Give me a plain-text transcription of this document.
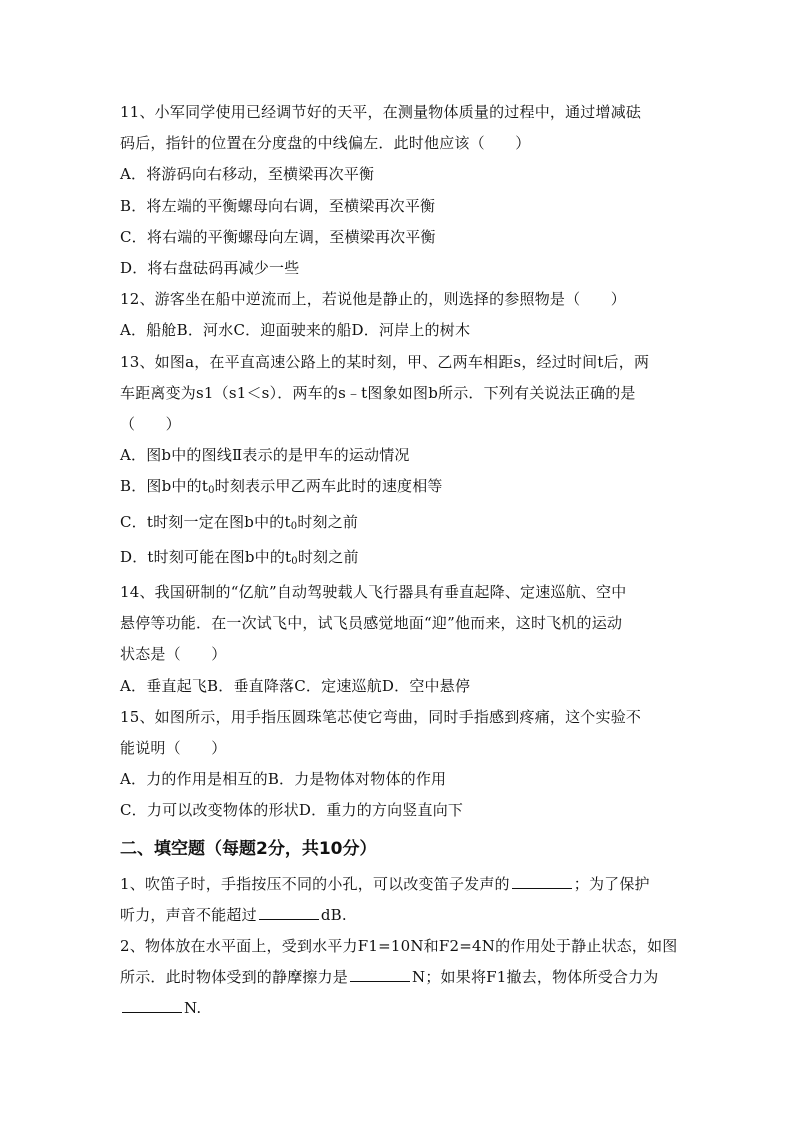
11、小军同学使用已经调节好的天平，在测量物体质量的过程中，通过增减砝
码后，指针的位置在分度盘的中线偏左．此时他应该（　　）
A．将游码向右移动，至横梁再次平衡
B．将左端的平衡螺母向右调，至横梁再次平衡
C．将右端的平衡螺母向左调，至横梁再次平衡
D．将右盘砝码再减少一些
12、游客坐在船中逆流而上，若说他是静止的，则选择的参照物是（　　）
A．船舱B．河水C．迎面驶来的船D．河岸上的树木
13、如图a，在平直高速公路上的某时刻，甲、乙两车相距s，经过时间t后，两
车距离变为s1（s1＜s）．两车的s﹣t图象如图b所示．下列有关说法正确的是
（　　）
A．图b中的图线Ⅱ表示的是甲车的运动情况
B．图b中的$t_0$时刻表示甲乙两车此时的速度相等
C．t时刻一定在图b中的$t_0$时刻之前
D．t时刻可能在图b中的$t_0$时刻之前
14、我国研制的“亿航”自动驾驶载人飞行器具有垂直起降、定速巡航、空中
悬停等功能．在一次试飞中，试飞员感觉地面“迎”他而来，这时飞机的运动
状态是（　　）
A．垂直起飞B．垂直降落C．定速巡航D．空中悬停
15、如图所示，用手指压圆珠笔芯使它弯曲，同时手指感到疼痛，这个实验不
能说明（　　）
A．力的作用是相互的B．力是物体对物体的作用
C．力可以改变物体的形状D．重力的方向竖直向下
二、填空题（每题2分，共10分）
1、吹笛子时，手指按压不同的小孔，可以改变笛子发声的	；为了保护
听力，声音不能超过	dB.
2、物体放在水平面上，受到水平力F1=10N和F2=4N的作用处于静止状态，如图
所示．此时物体受到的静摩擦力是	N；如果将F1撤去，物体所受合力为
N.
